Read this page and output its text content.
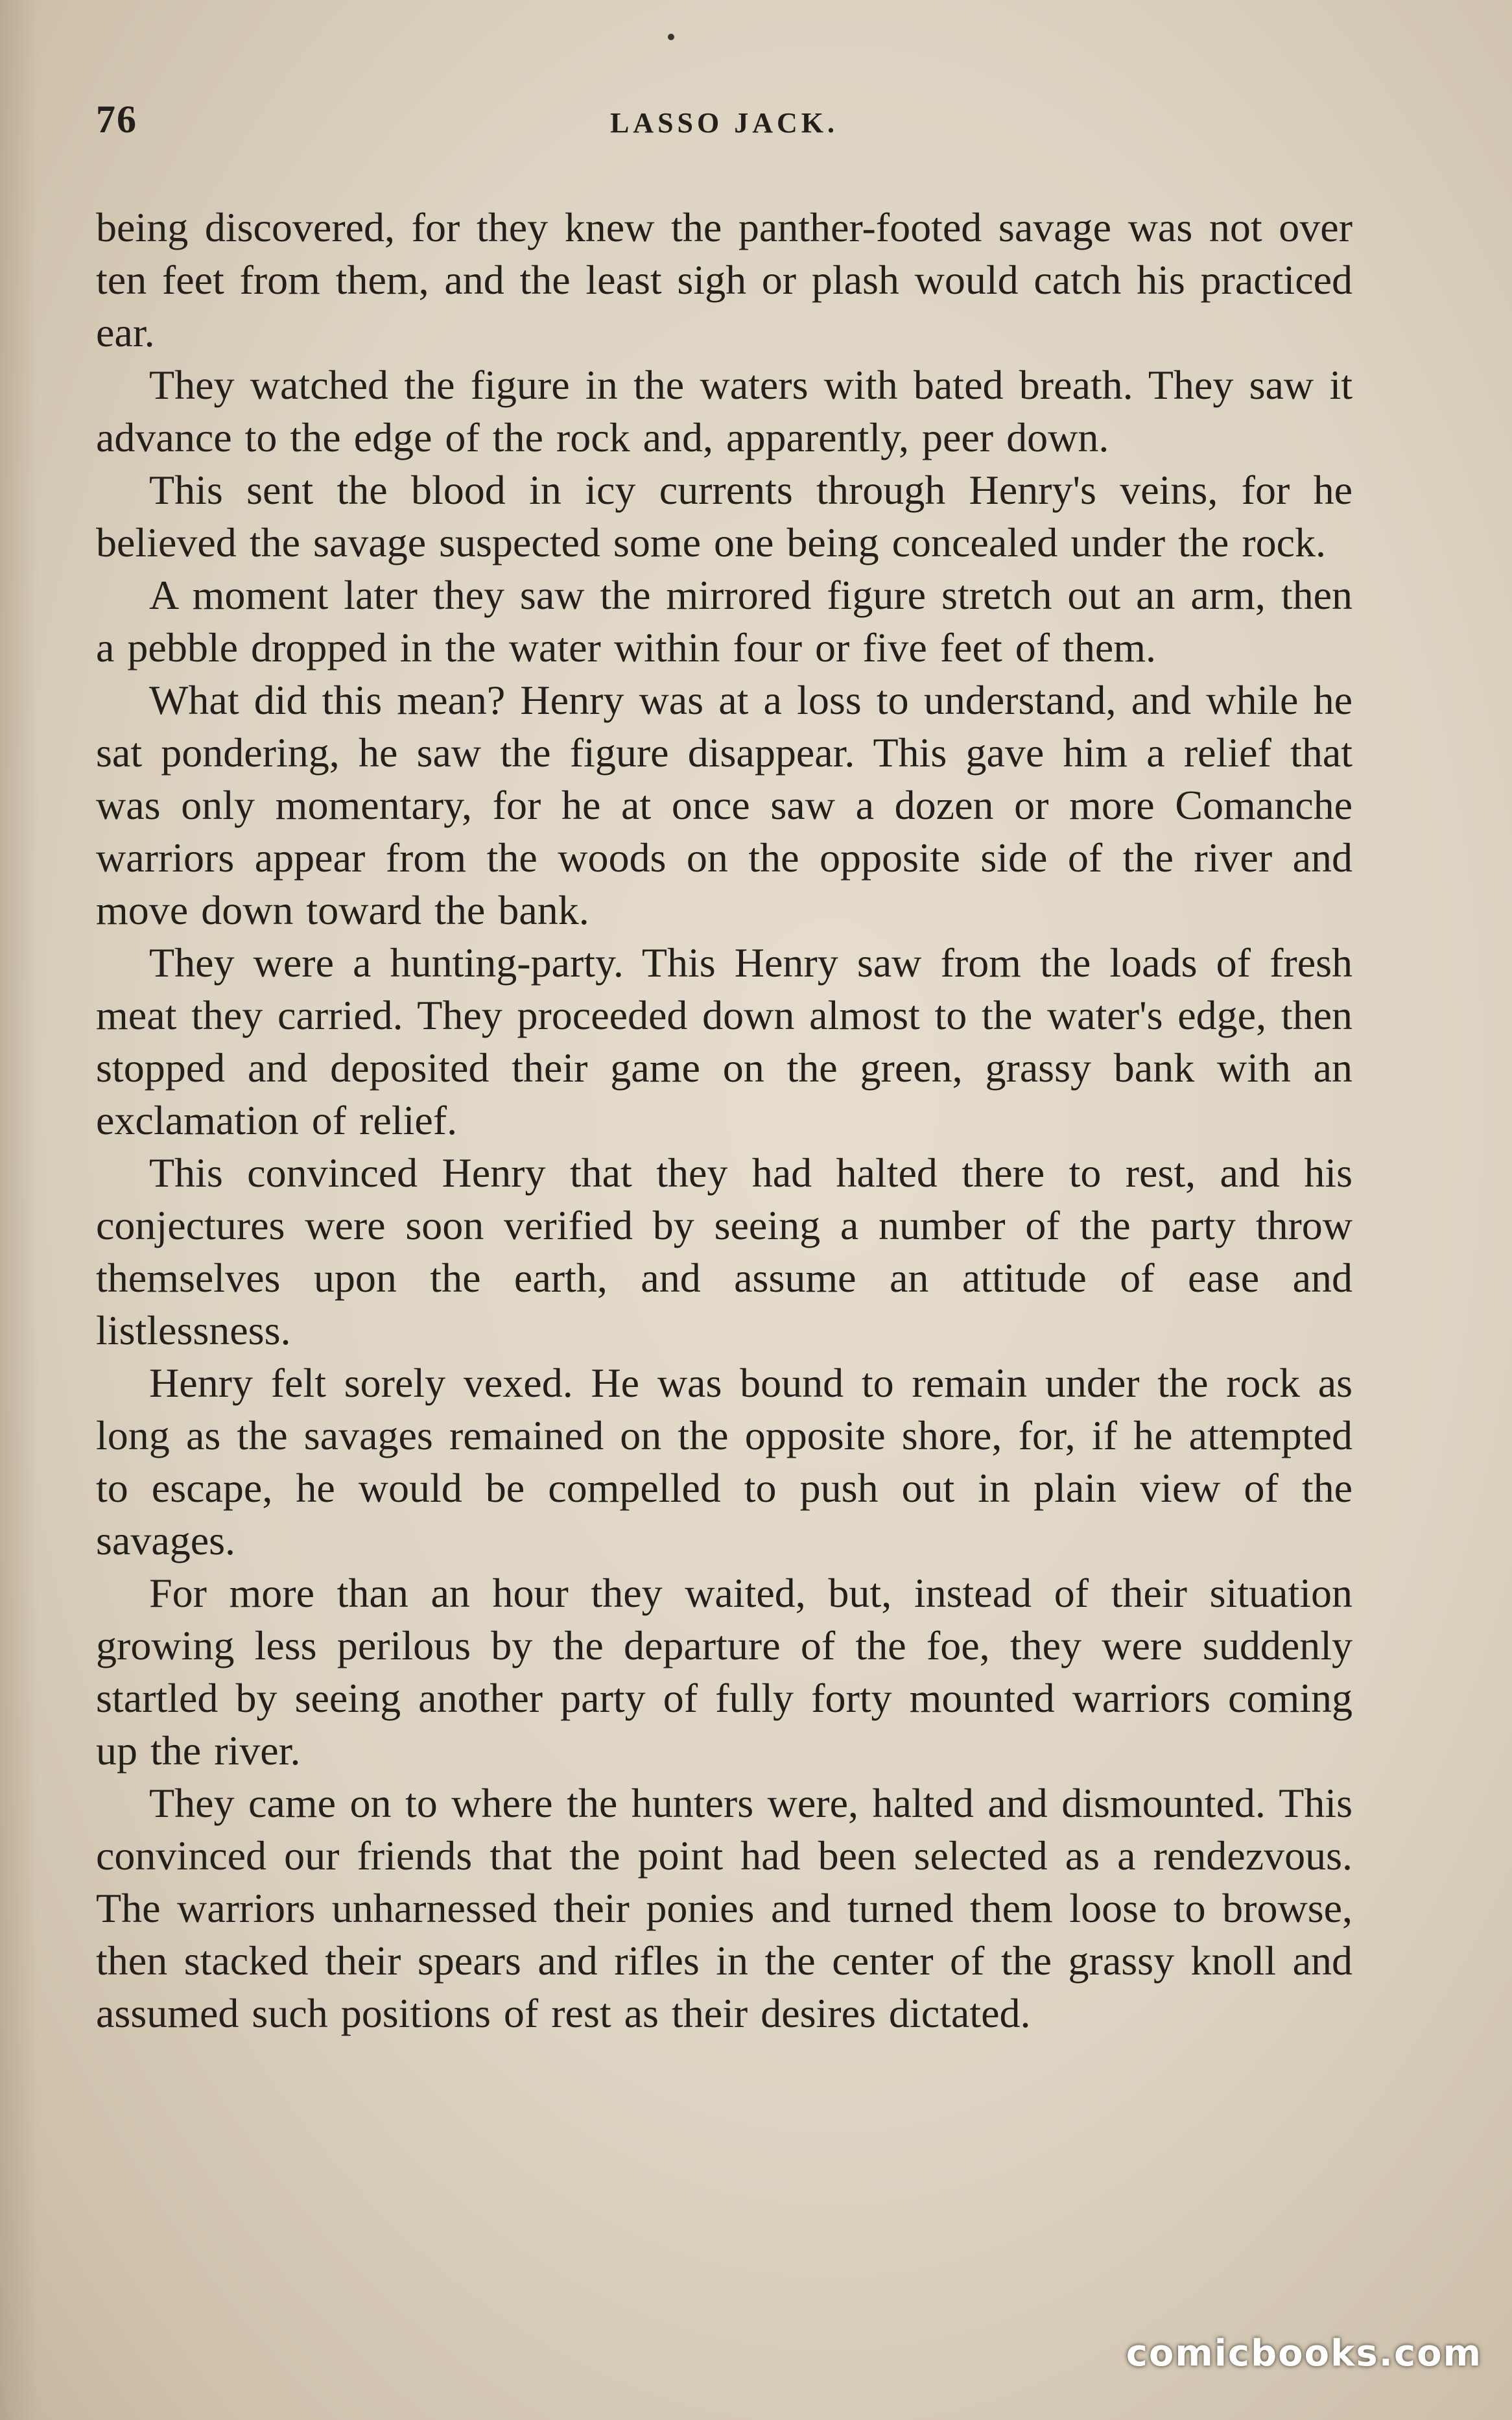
76	LASSO JACK.

being discovered, for they knew the panther-footed savage was not over ten feet from them, and the least sigh or plash would catch his practiced ear.

They watched the figure in the waters with bated breath. They saw it advance to the edge of the rock and, apparently, peer down.

This sent the blood in icy currents through Henry's veins, for he believed the savage suspected some one being concealed under the rock.

A moment later they saw the mirrored figure stretch out an arm, then a pebble dropped in the water within four or five feet of them.

What did this mean? Henry was at a loss to understand, and while he sat pondering, he saw the figure disappear. This gave him a relief that was only momentary, for he at once saw a dozen or more Comanche warriors appear from the woods on the opposite side of the river and move down toward the bank.

They were a hunting-party. This Henry saw from the loads of fresh meat they carried. They proceeded down almost to the water's edge, then stopped and deposited their game on the green, grassy bank with an exclamation of relief.

This convinced Henry that they had halted there to rest, and his conjectures were soon verified by seeing a number of the party throw themselves upon the earth, and assume an attitude of ease and listlessness.

Henry felt sorely vexed. He was bound to remain under the rock as long as the savages remained on the opposite shore, for, if he attempted to escape, he would be compelled to push out in plain view of the savages.

For more than an hour they waited, but, instead of their situation growing less perilous by the departure of the foe, they were suddenly startled by seeing another party of fully forty mounted warriors coming up the river.

They came on to where the hunters were, halted and dismounted. This convinced our friends that the point had been selected as a rendezvous. The warriors unharnessed their ponies and turned them loose to browse, then stacked their spears and rifles in the center of the grassy knoll and assumed such positions of rest as their desires dictated.

comicbooks.com
